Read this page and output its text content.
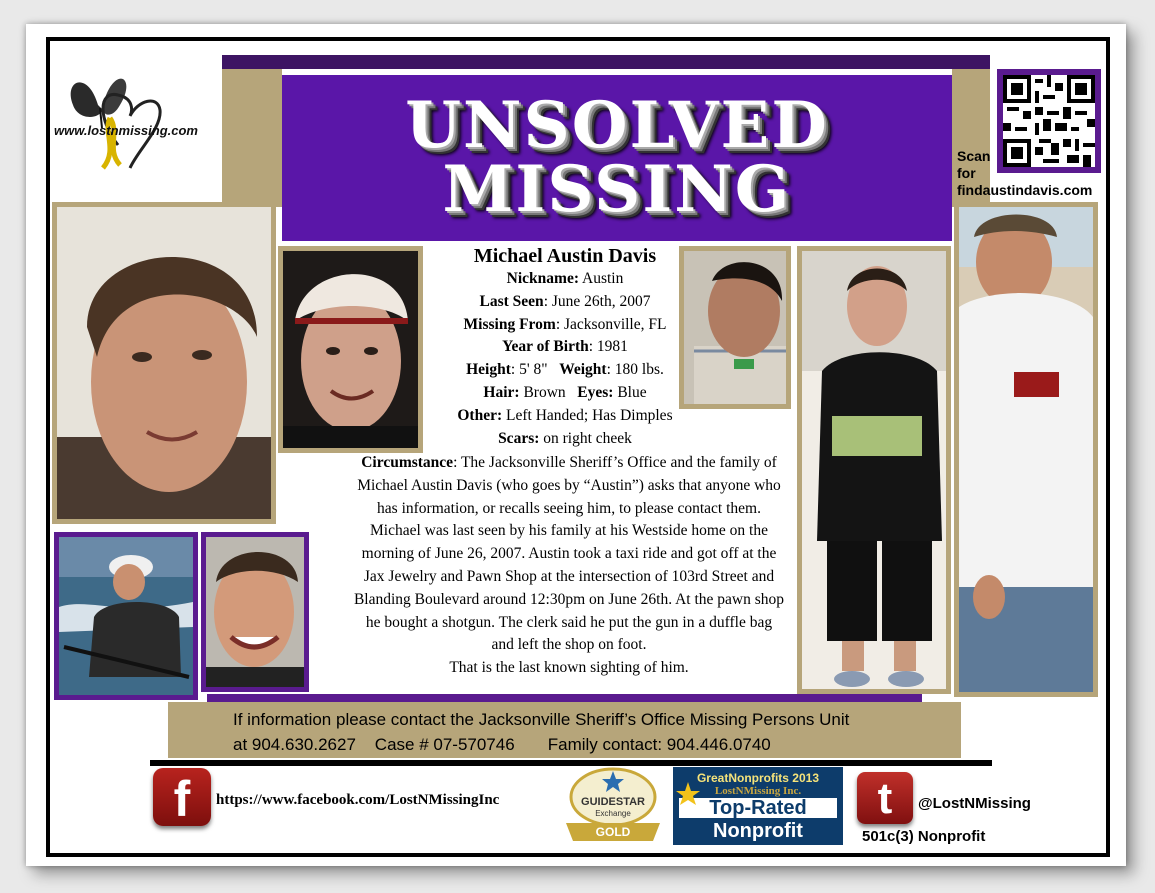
UNSOLVED
MISSING
www.lostnmissing.com
Scan
for
findaustindavis.com
Michael Austin Davis
Nickname: Austin
Last Seen: June 26th, 2007
Missing From: Jacksonville, FL
Year of Birth: 1981
Height: 5' 8" Weight: 180 lbs.
Hair: Brown Eyes: Blue
Other: Left Handed; Has Dimples
Scars: on right cheek
Circumstance: The Jacksonville Sheriff’s Office and the family of Michael Austin Davis (who goes by “Austin”) asks that anyone who has information, or recalls seeing him, to please contact them. Michael was last seen by his family at his Westside home on the morning of June 26, 2007. Austin took a taxi ride and got off at the Jax Jewelry and Pawn Shop at the intersection of 103rd Street and Blanding Boulevard around 12:30pm on June 26th. At the pawn shop he bought a shotgun. The clerk said he put the gun in a duffle bag and left the shop on foot.
That is the last known sighting of him.
If information please contact the Jacksonville Sheriff’s Office Missing Persons Unit
at 904.630.2627    Case # 07-570746       Family contact: 904.446.0740
f	https://www.facebook.com/LostNMissingInc	GUIDESTAR
Exchange
GOLD
GreatNonprofits 2013
LostNMissing Inc.
Top-Rated
Nonprofit
t	@LostNMissing
501c(3) Nonprofit
